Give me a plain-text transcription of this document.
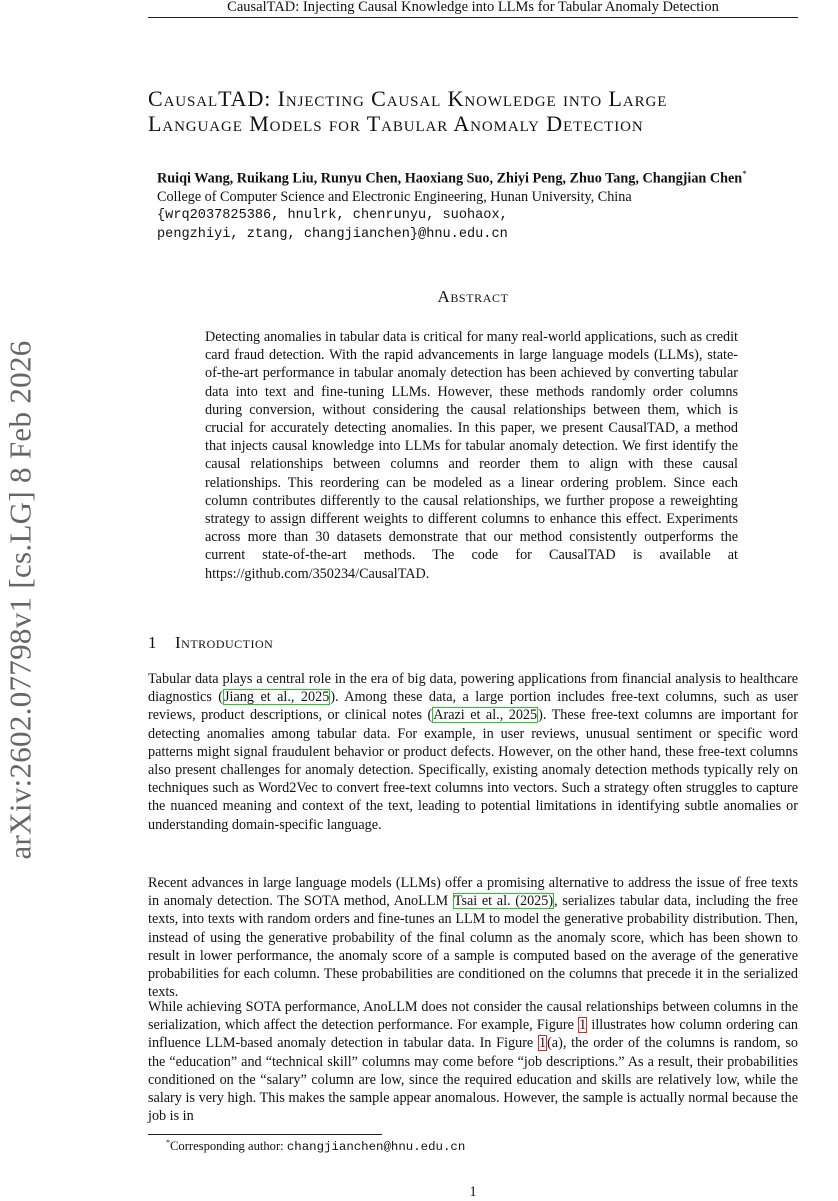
CausalTAD: Injecting Causal Knowledge into LLMs for Tabular Anomaly Detection
arXiv:2602.07798v1 [cs.LG] 8 Feb 2026
CausalTAD: Injecting Causal Knowledge into Large
Language Models for Tabular Anomaly Detection
Ruiqi Wang, Ruikang Liu, Runyu Chen, Haoxiang Suo, Zhiyi Peng, Zhuo Tang, Changjian Chen*
College of Computer Science and Electronic Engineering, Hunan University, China
{wrq2037825386, hnulrk, chenrunyu, suohaox,
pengzhiyi, ztang, changjianchen}@hnu.edu.cn
Abstract
Detecting anomalies in tabular data is critical for many real-world applications, such as credit card fraud detection. With the rapid advancements in large language models (LLMs), state-of-the-art performance in tabular anomaly detection has been achieved by converting tabular data into text and fine-tuning LLMs. However, these methods randomly order columns during conversion, without considering the causal relationships between them, which is crucial for accurately detecting anomalies. In this paper, we present CausalTAD, a method that injects causal knowledge into LLMs for tabular anomaly detection. We first identify the causal relationships between columns and reorder them to align with these causal relationships. This reordering can be modeled as a linear ordering problem. Since each column contributes differently to the causal relationships, we further propose a reweighting strategy to assign different weights to different columns to enhance this effect. Experiments across more than 30 datasets demonstrate that our method consistently outperforms the current state-of-the-art methods. The code for CausalTAD is available at https://github.com/350234/CausalTAD.
1 Introduction
Tabular data plays a central role in the era of big data, powering applications from financial analysis to healthcare diagnostics (Jiang et al., 2025). Among these data, a large portion includes free-text columns, such as user reviews, product descriptions, or clinical notes (Arazi et al., 2025). These free-text columns are important for detecting anomalies among tabular data. For example, in user reviews, unusual sentiment or specific word patterns might signal fraudulent behavior or product defects. However, on the other hand, these free-text columns also present challenges for anomaly detection. Specifically, existing anomaly detection methods typically rely on techniques such as Word2Vec to convert free-text columns into vectors. Such a strategy often struggles to capture the nuanced meaning and context of the text, leading to potential limitations in identifying subtle anomalies or understanding domain-specific language.
Recent advances in large language models (LLMs) offer a promising alternative to address the issue of free texts in anomaly detection. The SOTA method, AnoLLM Tsai et al. (2025), serializes tabular data, including the free texts, into texts with random orders and fine-tunes an LLM to model the generative probability distribution. Then, instead of using the generative probability of the final column as the anomaly score, which has been shown to result in lower performance, the anomaly score of a sample is computed based on the average of the generative probabilities for each column. These probabilities are conditioned on the columns that precede it in the serialized texts.
While achieving SOTA performance, AnoLLM does not consider the causal relationships between columns in the serialization, which affect the detection performance. For example, Figure 1 illustrates how column ordering can influence LLM-based anomaly detection in tabular data. In Figure 1(a), the order of the columns is random, so the “education” and “technical skill” columns may come before “job descriptions.” As a result, their probabilities conditioned on the “salary” column are low, since the required education and skills are relatively low, while the salary is very high. This makes the sample appear anomalous. However, the sample is actually normal because the job is in
*Corresponding author: changjianchen@hnu.edu.cn
1
